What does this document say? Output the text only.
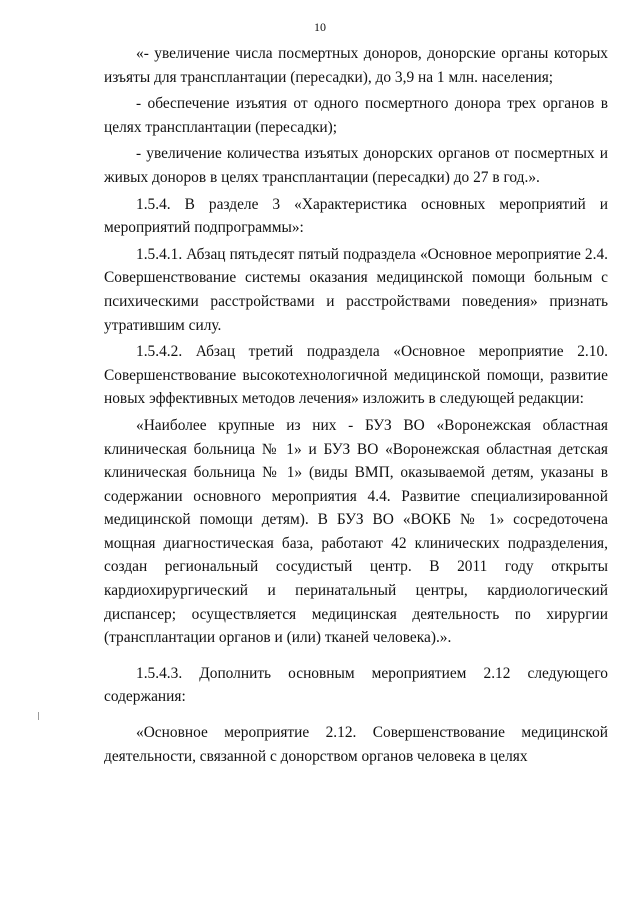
10

«- увеличение числа посмертных доноров, донорские органы которых изъяты для трансплантации (пересадки), до 3,9 на 1 млн. населения;

- обеспечение изъятия от одного посмертного донора трех органов в целях трансплантации (пересадки);

- увеличение количества изъятых донорских органов от посмертных и живых доноров в целях трансплантации (пересадки) до 27 в год.».

1.5.4. В разделе 3 «Характеристика основных мероприятий и мероприятий подпрограммы»:

1.5.4.1. Абзац пятьдесят пятый подраздела «Основное мероприятие 2.4. Совершенствование системы оказания медицинской помощи больным с психическими расстройствами и расстройствами поведения» признать утратившим силу.

1.5.4.2. Абзац третий подраздела «Основное мероприятие 2.10. Совершенствование высокотехнологичной медицинской помощи, развитие новых эффективных методов лечения» изложить в следующей редакции:

«Наиболее крупные из них - БУЗ ВО «Воронежская областная клиническая больница № 1» и БУЗ ВО «Воронежская областная детская клиническая больница № 1» (виды ВМП, оказываемой детям, указаны в содержании основного мероприятия 4.4. Развитие специализированной медицинской помощи детям). В БУЗ ВО «ВОКБ № 1» сосредоточена мощная диагностическая база, работают 42 клинических подразделения, создан региональный сосудистый центр. В 2011 году открыты кардиохирургический и перинатальный центры, кардиологический диспансер; осуществляется медицинская деятельность по хирургии (трансплантации органов и (или) тканей человека).».

1.5.4.3. Дополнить основным мероприятием 2.12 следующего содержания:

«Основное мероприятие 2.12. Совершенствование медицинской деятельности, связанной с донорством органов человека в целях
